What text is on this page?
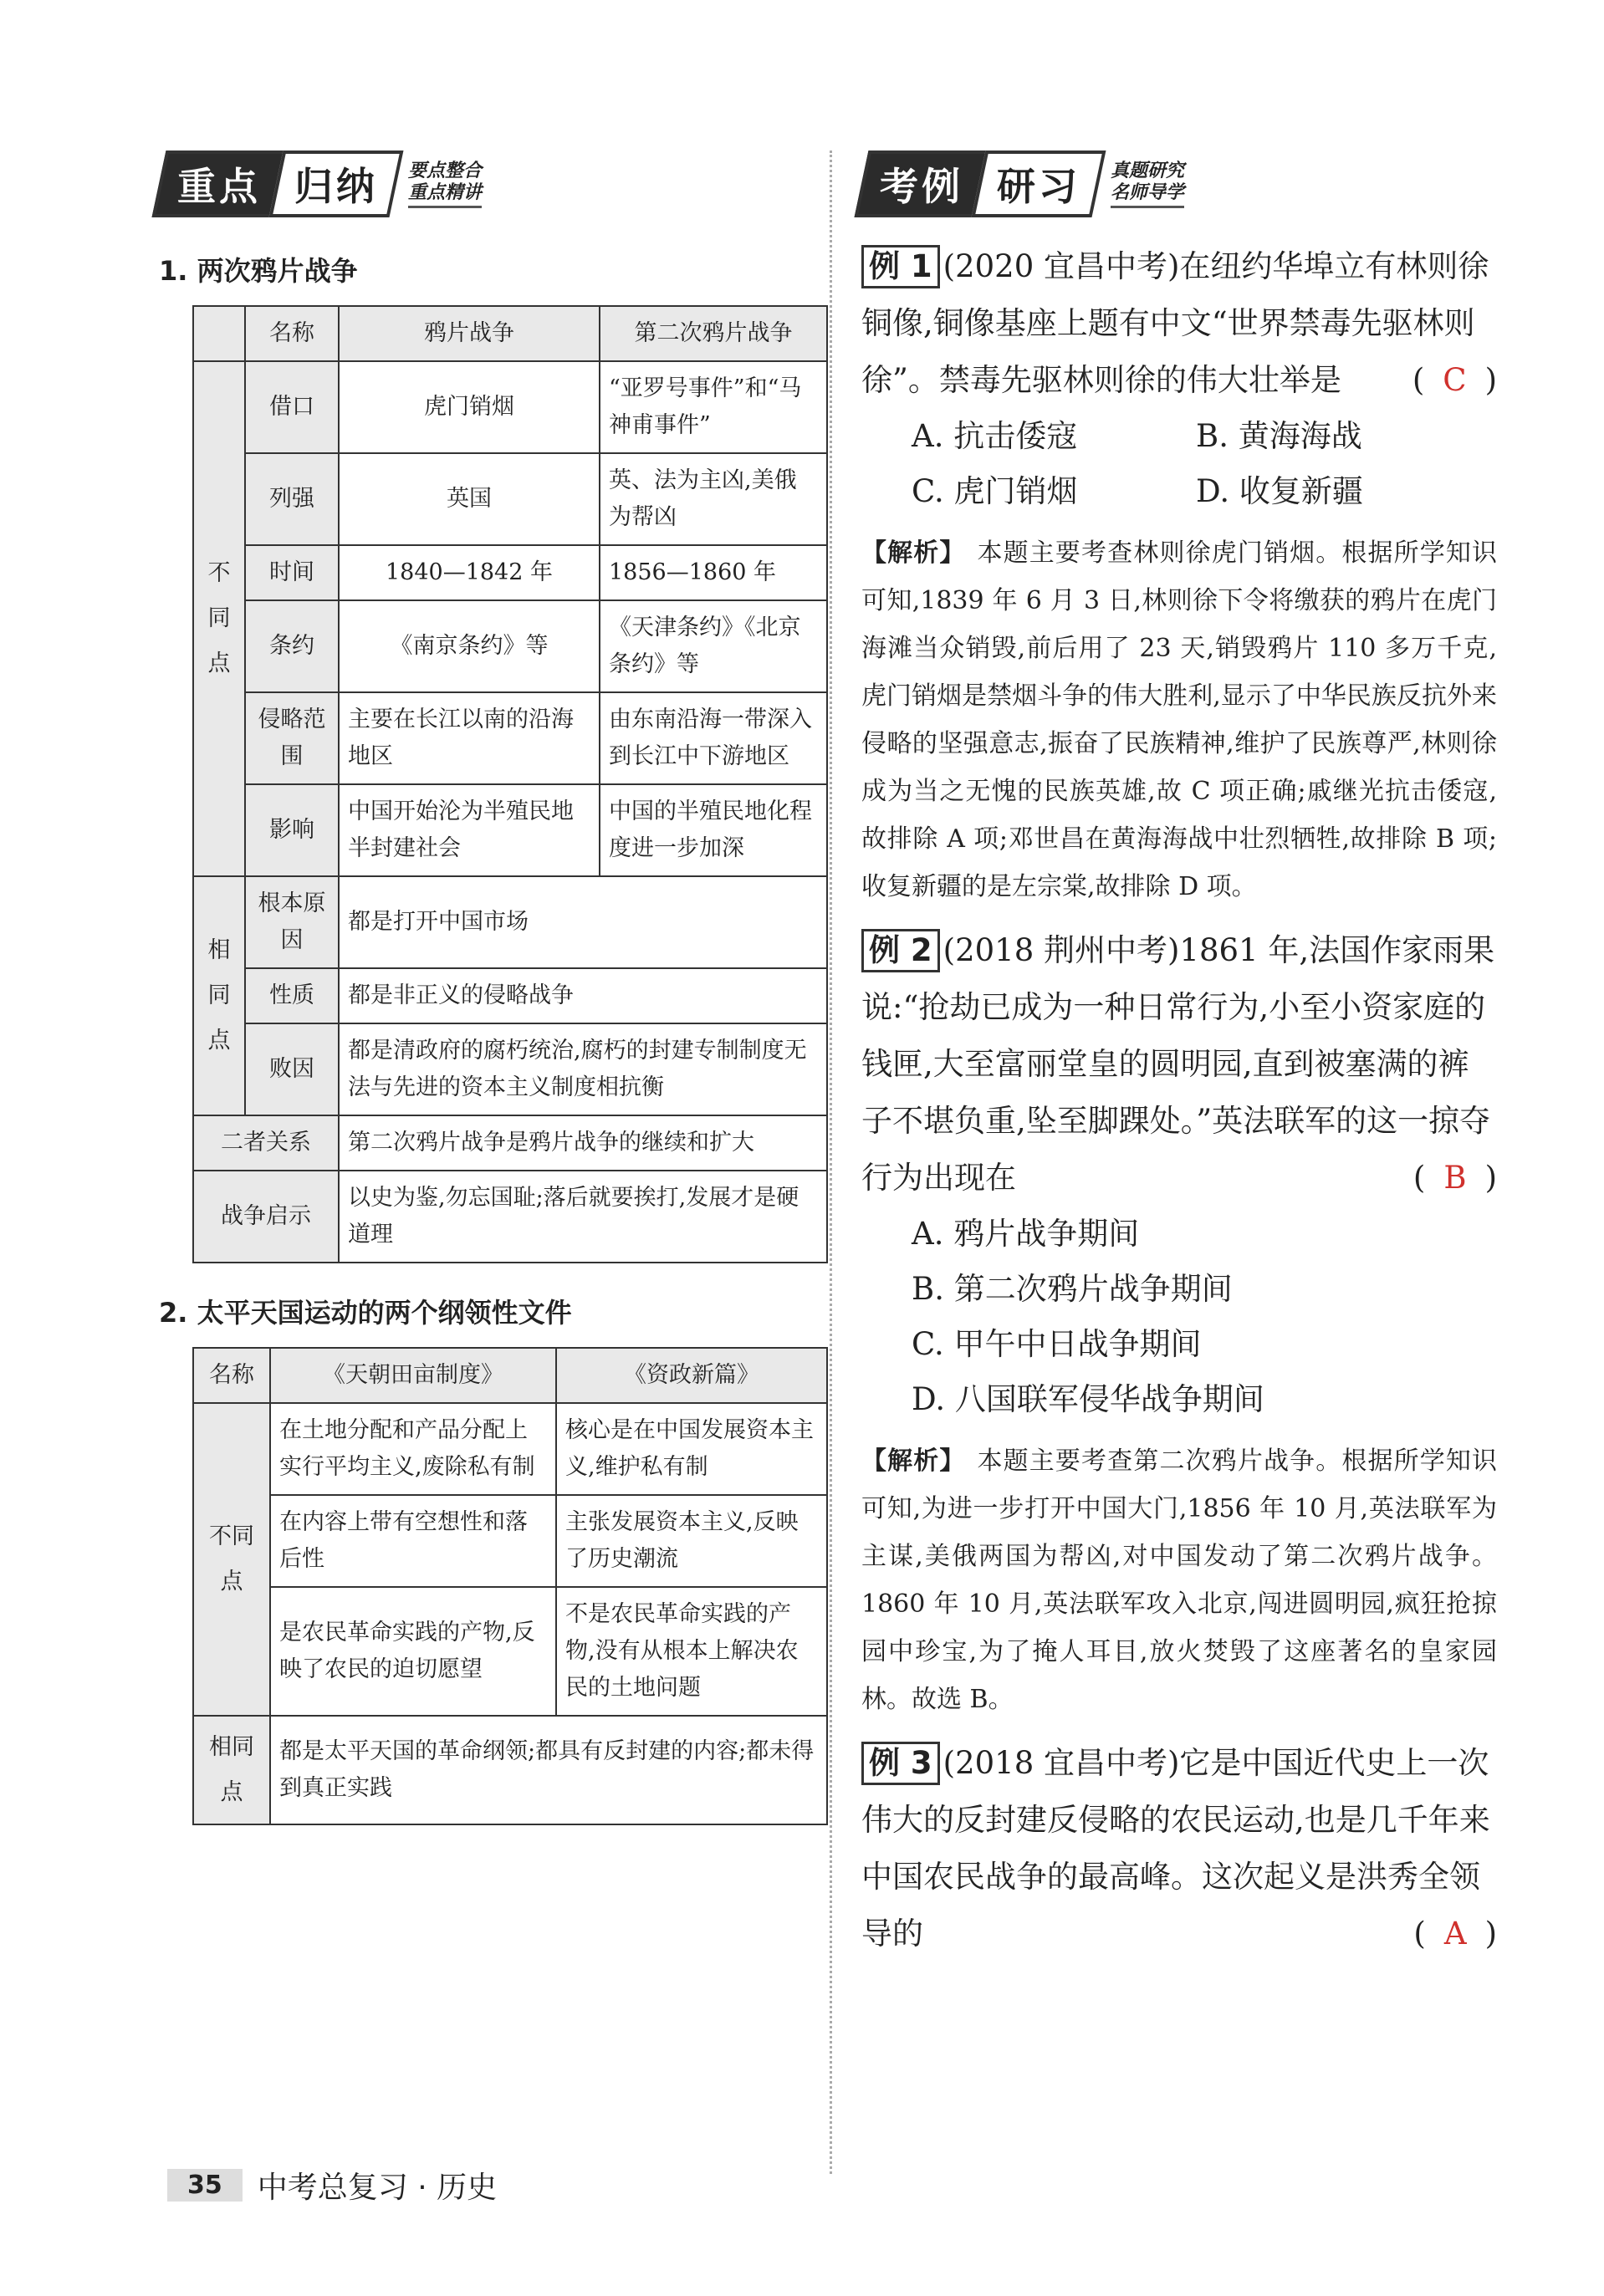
重点 归纳 要点整合
重点精讲
1. 两次鸦片战争
	名称	鸦片战争	第二次鸦片战争
不同点	借口	虎门销烟	“亚罗号事件”和“马神甫事件”
	列强	英国	英、法为主凶,美俄为帮凶
	时间	1840—1842 年	1856—1860 年
	条约	《南京条约》等	《天津条约》《北京条约》等
	侵略范围	主要在长江以南的沿海地区	由东南沿海一带深入到长江中下游地区
	影响	中国开始沦为半殖民地半封建社会	中国的半殖民地化程度进一步加深
相同点	根本原因	都是打开中国市场	
	性质	都是非正义的侵略战争	
	败因	都是清政府的腐朽统治,腐朽的封建专制制度无法与先进的资本主义制度相抗衡	
二者关系		第二次鸦片战争是鸦片战争的继续和扩大	
战争启示		以史为鉴,勿忘国耻;落后就要挨打,发展才是硬道理	
2. 太平天国运动的两个纲领性文件
名称	《天朝田亩制度》	《资政新篇》
不同点	在土地分配和产品分配上实行平均主义,废除私有制	核心是在中国发展资本主义,维护私有制
	在内容上带有空想性和落后性	主张发展资本主义,反映了历史潮流
	是农民革命实践的产物,反映了农民的迫切愿望	不是农民革命实践的产物,没有从根本上解决农民的土地问题
相同点	都是太平天国的革命纲领;都具有反封建的内容;都未得到真正实践	
考例 研习 真题研究
名师导学
例 1 (2020 宜昌中考)在纽约华埠立有林则徐铜像,铜像基座上题有中文“世界禁毒先驱林则徐”。禁毒先驱林则徐的伟大壮举是 ( C )
A. 抗击倭寇	B. 黄海海战
C. 虎门销烟	D. 收复新疆
【解析】 本题主要考查林则徐虎门销烟。根据所学知识可知,1839 年 6 月 3 日,林则徐下令将缴获的鸦片在虎门海滩当众销毁,前后用了 23 天,销毁鸦片 110 多万千克,虎门销烟是禁烟斗争的伟大胜利,显示了中华民族反抗外来侵略的坚强意志,振奋了民族精神,维护了民族尊严,林则徐成为当之无愧的民族英雄,故 C 项正确;戚继光抗击倭寇,故排除 A 项;邓世昌在黄海海战中壮烈牺牲,故排除 B 项;收复新疆的是左宗棠,故排除 D 项。
例 2 (2018 荆州中考)1861 年,法国作家雨果说:“抢劫已成为一种日常行为,小至小资家庭的钱匣,大至富丽堂皇的圆明园,直到被塞满的裤子不堪负重,坠至脚踝处。”英法联军的这一掠夺行为出现在	( B )
A. 鸦片战争期间
B. 第二次鸦片战争期间
C. 甲午中日战争期间
D. 八国联军侵华战争期间
【解析】 本题主要考查第二次鸦片战争。根据所学知识可知,为进一步打开中国大门,1856 年 10 月,英法联军为主谋,美俄两国为帮凶,对中国发动了第二次鸦片战争。1860 年 10 月,英法联军攻入北京,闯进圆明园,疯狂抢掠园中珍宝,为了掩人耳目,放火焚毁了这座著名的皇家园林。故选 B。
例 3 (2018 宜昌中考)它是中国近代史上一次伟大的反封建反侵略的农民运动,也是几千年来中国农民战争的最高峰。这次起义是洪秀全领导的	( A )
35	中考总复习 · 历史
